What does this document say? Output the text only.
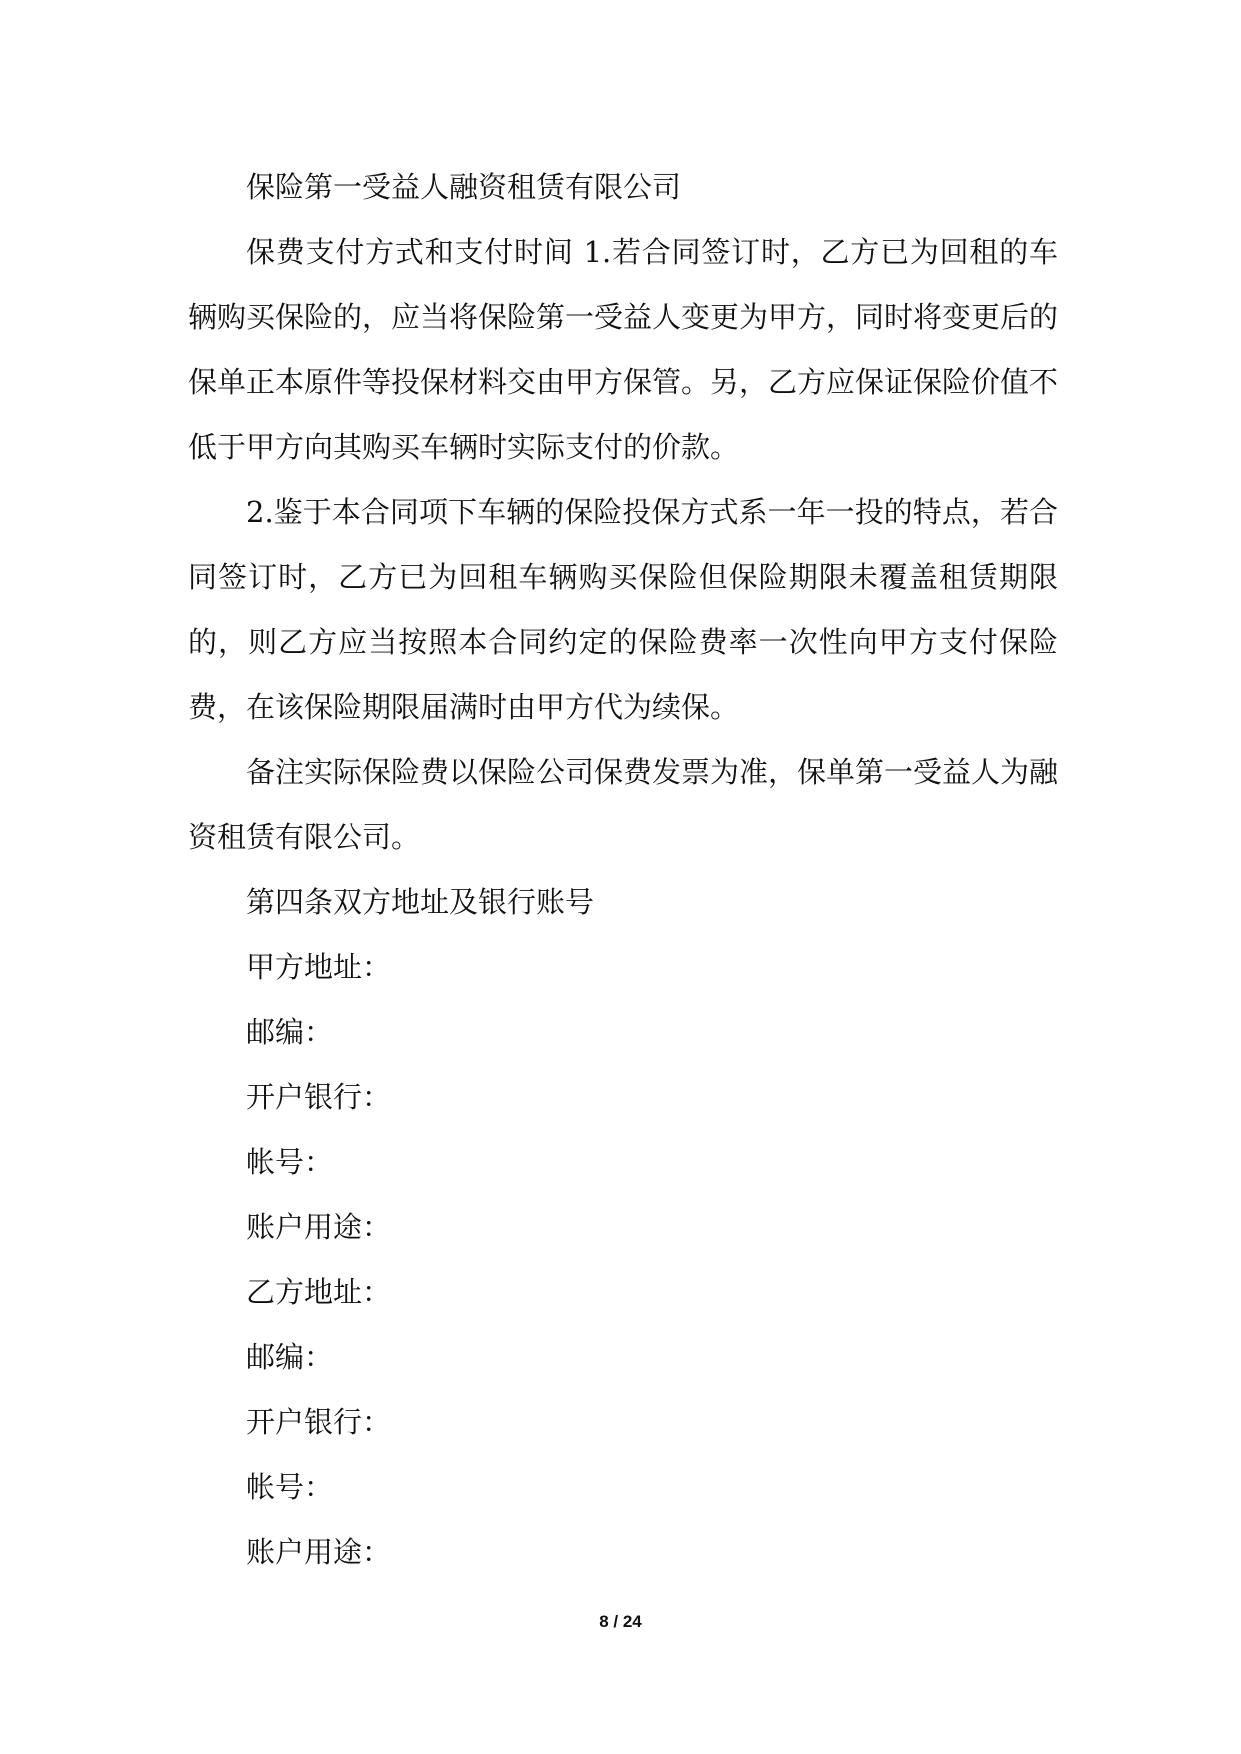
保险第一受益人融资租赁有限公司

保费支付方式和支付时间 1.若合同签订时，乙方已为回租的车辆购买保险的，应当将保险第一受益人变更为甲方，同时将变更后的保单正本原件等投保材料交由甲方保管。另，乙方应保证保险价值不低于甲方向其购买车辆时实际支付的价款。

2.鉴于本合同项下车辆的保险投保方式系一年一投的特点，若合同签订时，乙方已为回租车辆购买保险但保险期限未覆盖租赁期限的，则乙方应当按照本合同约定的保险费率一次性向甲方支付保险费，在该保险期限届满时由甲方代为续保。

备注实际保险费以保险公司保费发票为准，保单第一受益人为融资租赁有限公司。

第四条双方地址及银行账号

甲方地址：

邮编：

开户银行：

帐号：

账户用途：

乙方地址：

邮编：

开户银行：

帐号：

账户用途：

8 / 24
